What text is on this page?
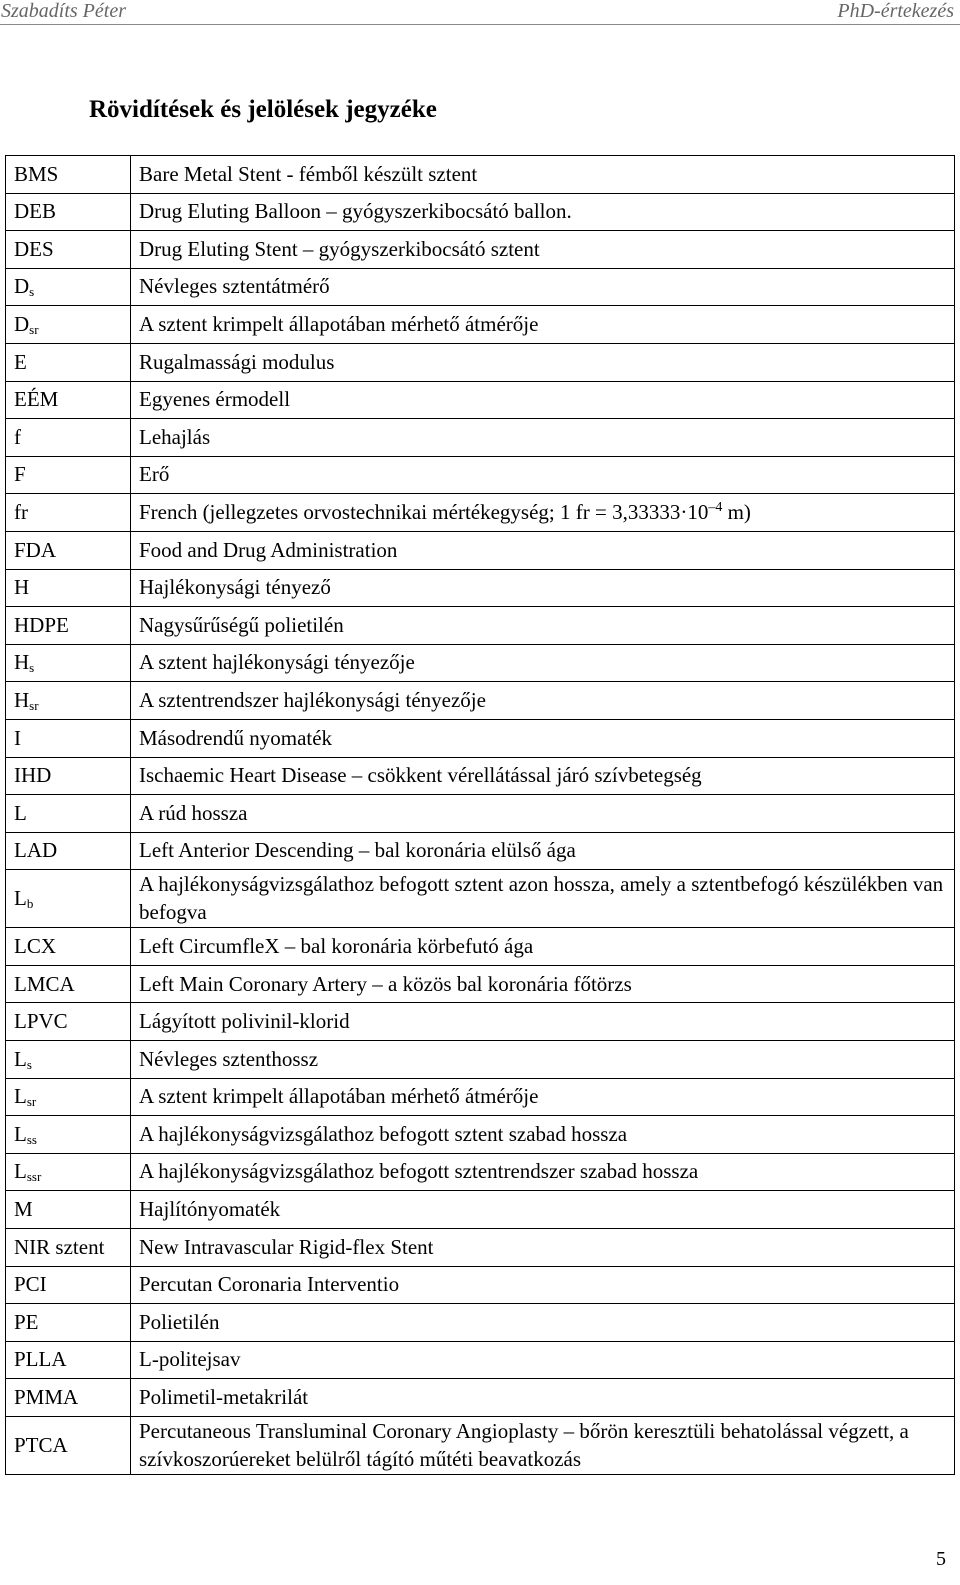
Szabadíts Péter	PhD-értekezés
Rövidítések és jelölések jegyzéke
BMS	Bare Metal Stent - fémből készült sztent
DEB	Drug Eluting Balloon – gyógyszerkibocsátó ballon.
DES	Drug Eluting Stent – gyógyszerkibocsátó sztent
$D_s$	Névleges sztentátmérő
$D_{sr}$	A sztent krimpelt állapotában mérhető átmérője
E	Rugalmassági modulus
EÉM	Egyenes érmodell
f	Lehajlás
F	Erő
fr	French (jellegzetes orvostechnikai mértékegység; 1 fr = $3,33333\cdot 10^{-4}$ m)
FDA	Food and Drug Administration
H	Hajlékonysági tényező
HDPE	Nagysűrűségű polietilén
$H_s$	A sztent hajlékonysági tényezője
$H_{sr}$	A sztentrendszer hajlékonysági tényezője
I	Másodrendű nyomaték
IHD	Ischaemic Heart Disease – csökkent vérellátással járó szívbetegség
L	A rúd hossza
LAD	Left Anterior Descending – bal koronária elülső ága
$L_b$	A hajlékonyságvizsgálathoz befogott sztent azon hossza, amely a sztentbefogó készülékben van befogva
LCX	Left CircumfleX – bal koronária körbefutó ága
LMCA	Left Main Coronary Artery – a közös bal koronária főtörzs
LPVC	Lágyított polivinil-klorid
$L_s$	Névleges sztenthossz
$L_{sr}$	A sztent krimpelt állapotában mérhető átmérője
$L_{ss}$	A hajlékonyságvizsgálathoz befogott sztent szabad hossza
$L_{ssr}$	A hajlékonyságvizsgálathoz befogott sztentrendszer szabad hossza
M	Hajlítónyomaték
NIR sztent	New Intravascular Rigid-flex Stent
PCI	Percutan Coronaria Interventio
PE	Polietilén
PLLA	L-politejsav
PMMA	Polimetil-metakrilát
PTCA	Percutaneous Transluminal Coronary Angioplasty – bőrön keresztüli behatolással végzett, a szívkoszorúereket belülről tágító műtéti beavatkozás
5
